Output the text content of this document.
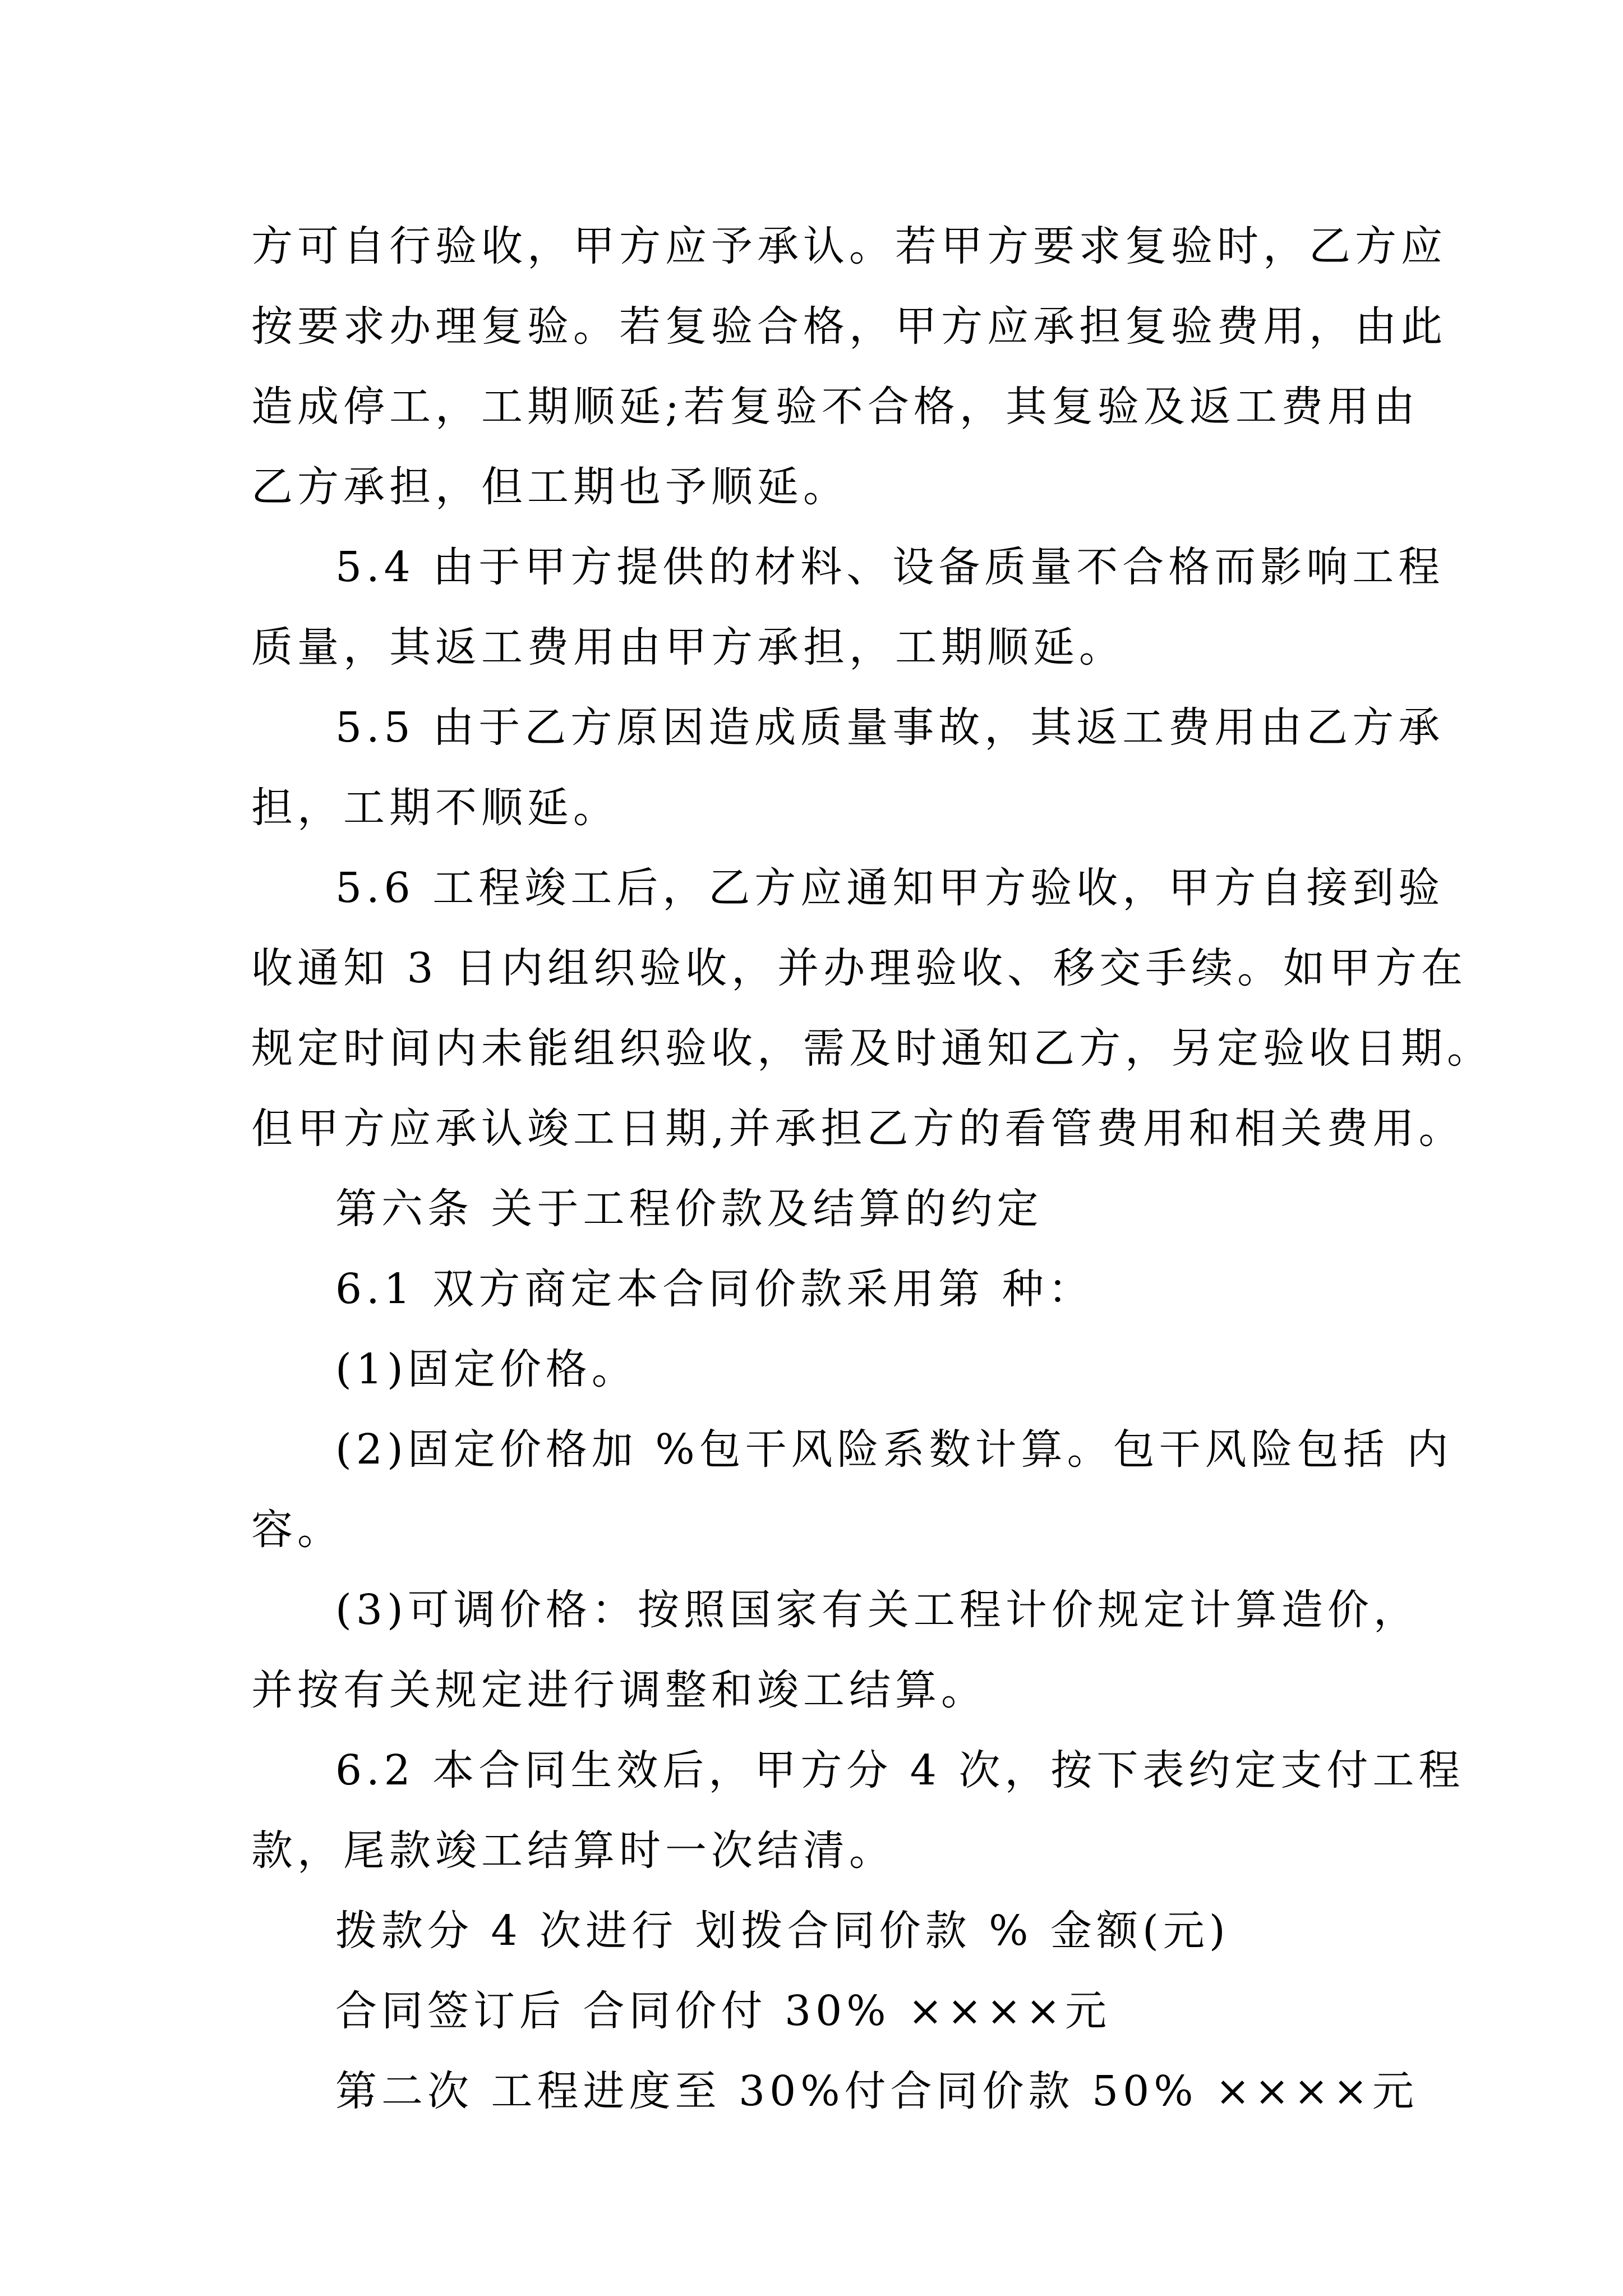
方可自行验收，甲方应予承认。若甲方要求复验时，乙方应
按要求办理复验。若复验合格，甲方应承担复验费用，由此
造成停工，工期顺延;若复验不合格，其复验及返工费用由
乙方承担，但工期也予顺延。

5.4 由于甲方提供的材料、设备质量不合格而影响工程
质量，其返工费用由甲方承担，工期顺延。

5.5 由于乙方原因造成质量事故，其返工费用由乙方承
担，工期不顺延。

5.6 工程竣工后，乙方应通知甲方验收，甲方自接到验
收通知 3 日内组织验收，并办理验收、移交手续。如甲方在
规定时间内未能组织验收，需及时通知乙方，另定验收日期。
但甲方应承认竣工日期,并承担乙方的看管费用和相关费用。

第六条 关于工程价款及结算的约定

6.1 双方商定本合同价款采用第 种：

(1)固定价格。

(2)固定价格加 %包干风险系数计算。包干风险包括 内
容。

(3)可调价格：按照国家有关工程计价规定计算造价，
并按有关规定进行调整和竣工结算。

6.2 本合同生效后，甲方分 4 次，按下表约定支付工程
款，尾款竣工结算时一次结清。

拨款分 4 次进行 划拨合同价款 % 金额(元)

合同签订后 合同价付 30% ××××元

第二次 工程进度至 30%付合同价款 50% ××××元
